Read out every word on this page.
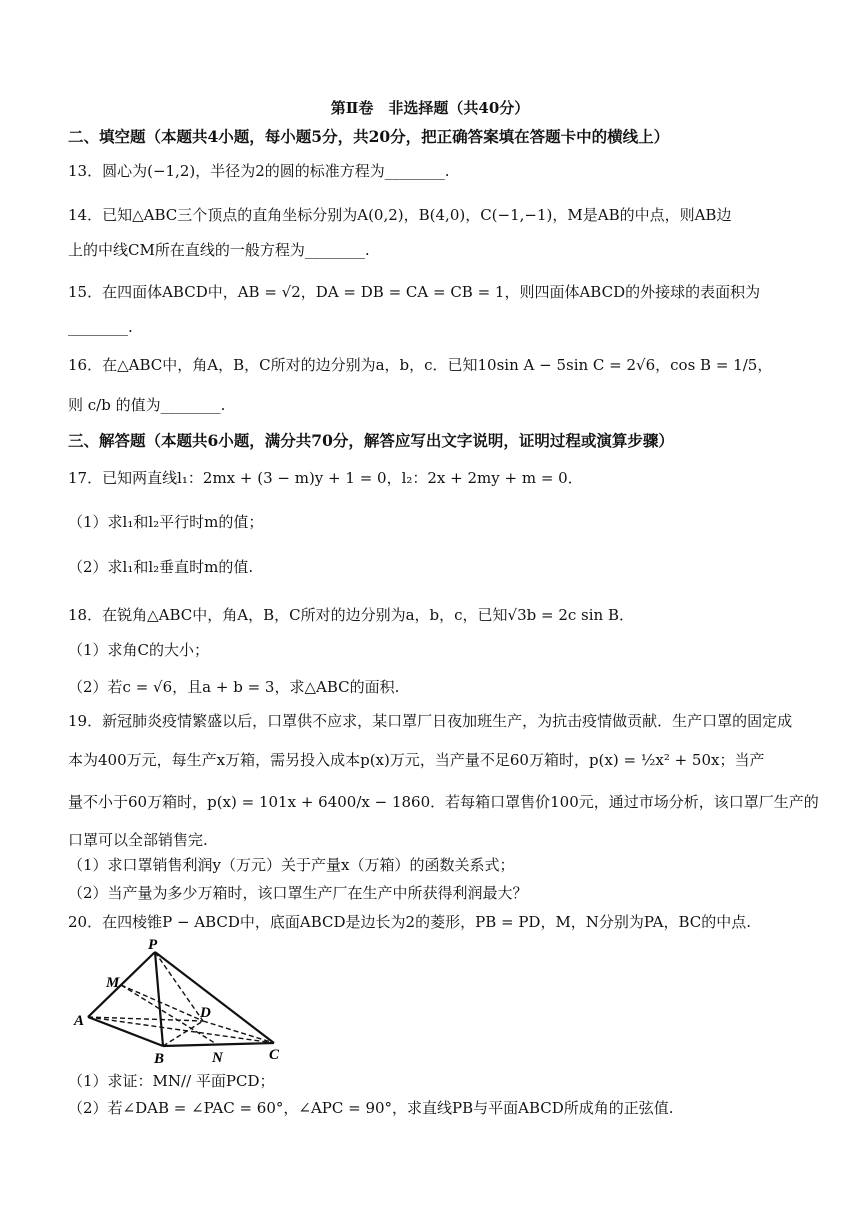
第Ⅱ卷　非选择题（共40分）
二、填空题（本题共4小题，每小题5分，共20分，把正确答案填在答题卡中的横线上）
13．圆心为(−1,2)，半径为2的圆的标准方程为________.
14．已知△ABC三个顶点的直角坐标分别为A(0,2)，B(4,0)，C(−1,−1)，M是AB的中点，则AB边
上的中线CM所在直线的一般方程为________.
15．在四面体ABCD中，AB = √2，DA = DB = CA = CB = 1，则四面体ABCD的外接球的表面积为
________.
16．在△ABC中，角A，B，C所对的边分别为a，b，c．已知10sin A − 5sin C = 2√6，cos B = 1/5，
则 c/b 的值为________.
三、解答题（本题共6小题，满分共70分，解答应写出文字说明，证明过程或演算步骤）
17．已知两直线l₁：2mx + (3 − m)y + 1 = 0，l₂：2x + 2my + m = 0．
（1）求l₁和l₂平行时m的值；
（2）求l₁和l₂垂直时m的值.
18．在锐角△ABC中，角A，B，C所对的边分别为a，b，c，已知√3b = 2c sin B．
（1）求角C的大小；
（2）若c = √6，且a + b = 3，求△ABC的面积.
19．新冠肺炎疫情繁盛以后，口罩供不应求，某口罩厂日夜加班生产，为抗击疫情做贡献．生产口罩的固定成
本为400万元，每生产x万箱，需另投入成本p(x)万元，当产量不足60万箱时，p(x) = ½x² + 50x；当产
量不小于60万箱时，p(x) = 101x + 6400/x − 1860．若每箱口罩售价100元，通过市场分析，该口罩厂生产的
口罩可以全部销售完.
（1）求口罩销售利润y（万元）关于产量x（万箱）的函数关系式；
（2）当产量为多少万箱时，该口罩生产厂在生产中所获得利润最大？
20．在四棱锥P − ABCD中，底面ABCD是边长为2的菱形，PB = PD，M，N分别为PA，BC的中点.
P
M
A	D
B	N	C
（1）求证：MN// 平面PCD；
（2）若∠DAB = ∠PAC = 60°，∠APC = 90°，求直线PB与平面ABCD所成角的正弦值.
